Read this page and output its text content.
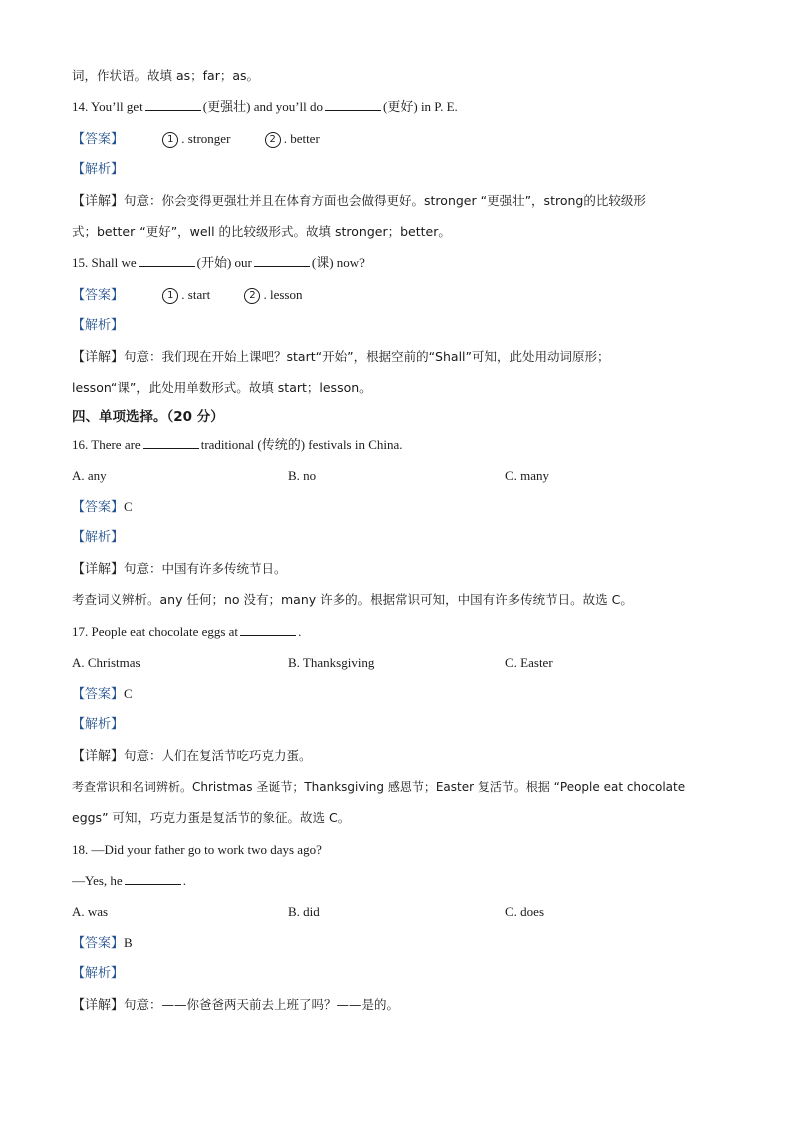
词，作状语。故填 as；far；as。
14. You’ll get	(更强壮) and you’ll do	(更好) in P. E.
【答案】	1 . stronger	2 . better
【解析】
【详解】句意：你会变得更强壮并且在体育方面也会做得更好。stronger “更强壮”，strong的比较级形
式；better “更好”，well 的比较级形式。故填 stronger；better。
15. Shall we	(开始) our	(课) now?
【答案】	1 . start	2 . lesson
【解析】
【详解】句意：我们现在开始上课吧？start“开始”，根据空前的“Shall”可知，此处用动词原形；
lesson“课”，此处用单数形式。故填 start；lesson。
四、单项选择。（20 分）
16. There are	traditional (传统的) festivals in China.
A. any	B. no	C. many
【答案】C
【解析】
【详解】句意：中国有许多传统节日。
考查词义辨析。any 任何；no 没有；many 许多的。根据常识可知，中国有许多传统节日。故选 C。
17. People eat chocolate eggs at	.
A. Christmas	B. Thanksgiving	C. Easter
【答案】C
【解析】
【详解】句意：人们在复活节吃巧克力蛋。
考查常识和名词辨析。Christmas 圣诞节；Thanksgiving 感恩节；Easter 复活节。根据 “People eat chocolate
eggs” 可知，巧克力蛋是复活节的象征。故选 C。
18. —Did your father go to work two days ago?
—Yes, he	.
A. was	B. did	C. does
【答案】B
【解析】
【详解】句意：——你爸爸两天前去上班了吗？——是的。
